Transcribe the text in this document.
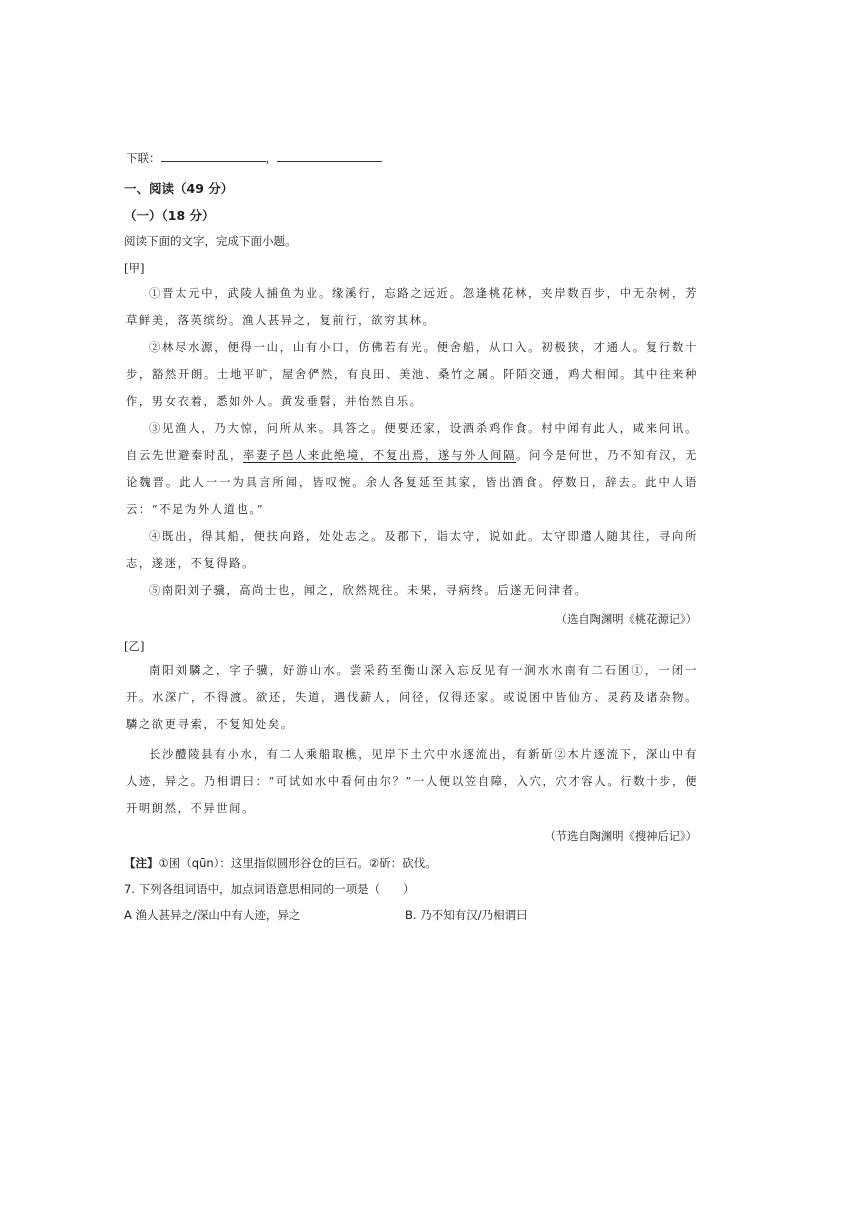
下联：	，
一、阅读（49 分）
（一）（18 分）
阅读下面的文字，完成下面小题。
[甲]
①晋太元中，武陵人捕鱼为业。缘溪行，忘路之远近。忽逢桃花林，夹岸数百步，中无杂树，芳草鲜美，落英缤纷。渔人甚异之，复前行，欲穷其林。
②林尽水源，便得一山，山有小口，仿佛若有光。便舍船，从口入。初极狭，才通人。复行数十步，豁然开朗。土地平旷，屋舍俨然，有良田、美池、桑竹之属。阡陌交通，鸡犬相闻。其中往来种作，男女衣着，悉如外人。黄发垂髫，并怡然自乐。
③见渔人，乃大惊，问所从来。具答之。便要还家，设酒杀鸡作食。村中闻有此人，咸来问讯。自云先世避秦时乱，率妻子邑人来此绝境，不复出焉，遂与外人间隔。问今是何世，乃不知有汉，无论魏晋。此人一一为具言所闻，皆叹惋。余人各复延至其家，皆出酒食。停数日，辞去。此中人语云：“不足为外人道也。”
④既出，得其船，便扶向路，处处志之。及郡下，诣太守，说如此。太守即遣人随其往，寻向所志，遂迷，不复得路。
⑤南阳刘子骥，高尚士也，闻之，欣然规往。未果，寻病终。后遂无问津者。
（选自陶渊明《桃花源记》）
[乙]
南阳刘驎之，字子骥，好游山水。尝采药至衡山深入忘反见有一涧水水南有二石囷①，一闭一开。水深广，不得渡。欲还，失道，遇伐薪人，问径，仅得还家。或说囷中皆仙方、灵药及诸杂物。驎之欲更寻索，不复知处矣。
长沙醴陵县有小水，有二人乘船取樵，见岸下土穴中水逐流出，有新斫②木片逐流下，深山中有人迹，异之。乃相谓曰：“可试如水中看何由尔？”一人便以笠自障，入穴，穴才容人。行数十步，便开明朗然，不异世间。
（节选自陶渊明《搜神后记》）
【注】①囷（qūn）：这里指似圆形谷仓的巨石。②斫：砍伐。
7. 下列各组词语中，加点词语意思相同的一项是（　　）
A 渔人甚异之/深山中有人迹，异之	B. 乃不知有汉/乃相谓曰
